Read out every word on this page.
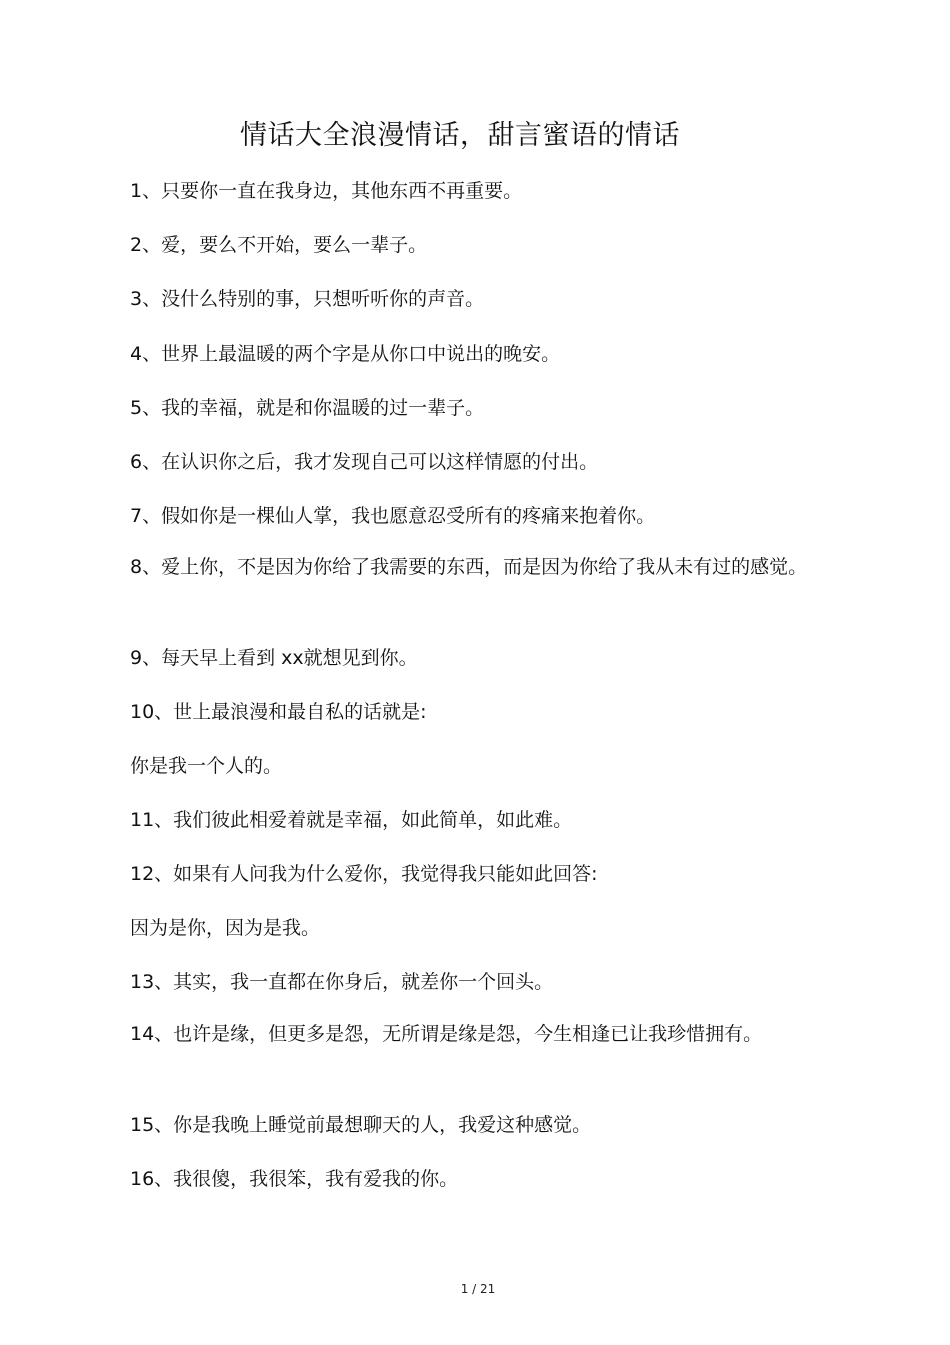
情话大全浪漫情话，甜言蜜语的情话

1、只要你一直在我身边，其他东西不再重要。

2、爱，要么不开始，要么一辈子。

3、没什么特别的事，只想听听你的声音。

4、世界上最温暖的两个字是从你口中说出的晚安。

5、我的幸福，就是和你温暖的过一辈子。

6、在认识你之后，我才发现自己可以这样情愿的付出。

7、假如你是一棵仙人掌，我也愿意忍受所有的疼痛来抱着你。

8、爱上你，不是因为你给了我需要的东西，而是因为你给了我从未有过的感觉。

9、每天早上看到 xx就想见到你。

10、世上最浪漫和最自私的话就是:

你是我一个人的。

11、我们彼此相爱着就是幸福，如此简单，如此难。

12、如果有人问我为什么爱你，我觉得我只能如此回答:

因为是你，因为是我。

13、其实，我一直都在你身后，就差你一个回头。

14、也许是缘，但更多是怨，无所谓是缘是怨，今生相逢已让我珍惜拥有。

15、你是我晚上睡觉前最想聊天的人，我爱这种感觉。

16、我很傻，我很笨，我有爱我的你。

1 / 21
